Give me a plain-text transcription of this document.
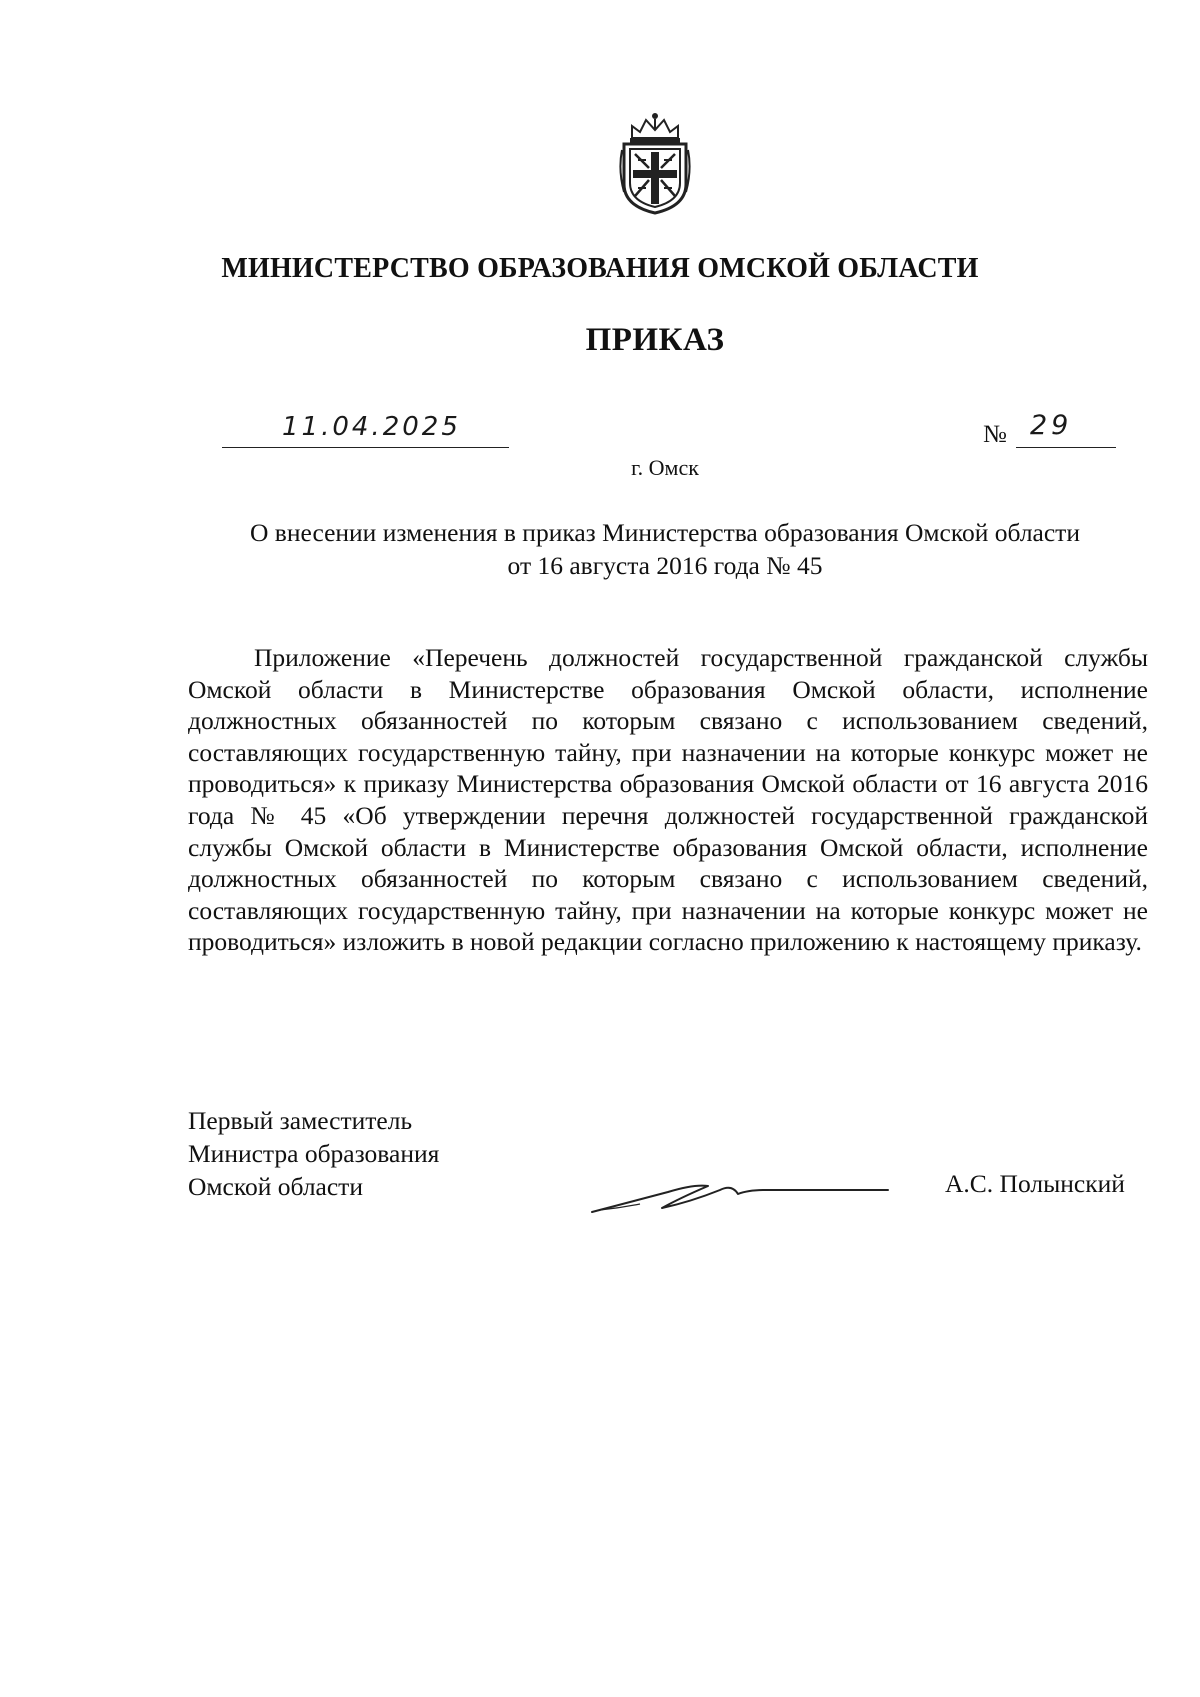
МИНИСТЕРСТВО ОБРАЗОВАНИЯ ОМСКОЙ ОБЛАСТИ
ПРИКАЗ
11.04.2025	№ 29
г. Омск
О внесении изменения в приказ Министерства образования Омской области
от 16 августа 2016 года № 45

Приложение «Перечень должностей государственной гражданской службы Омской области в Министерстве образования Омской области, исполнение должностных обязанностей по которым связано с использованием сведений, составляющих государственную тайну, при назначении на которые конкурс может не проводиться» к приказу Министерства образования Омской области от 16 августа 2016 года № 45 «Об утверждении перечня должностей государственной гражданской службы Омской области в Министерстве образования Омской области, исполнение должностных обязанностей по которым связано с использованием сведений, составляющих государственную тайну, при назначении на которые конкурс может не проводиться» изложить в новой редакции согласно приложению к настоящему приказу.

Первый заместитель
Министра образования
Омской области	А.С. Полынский
